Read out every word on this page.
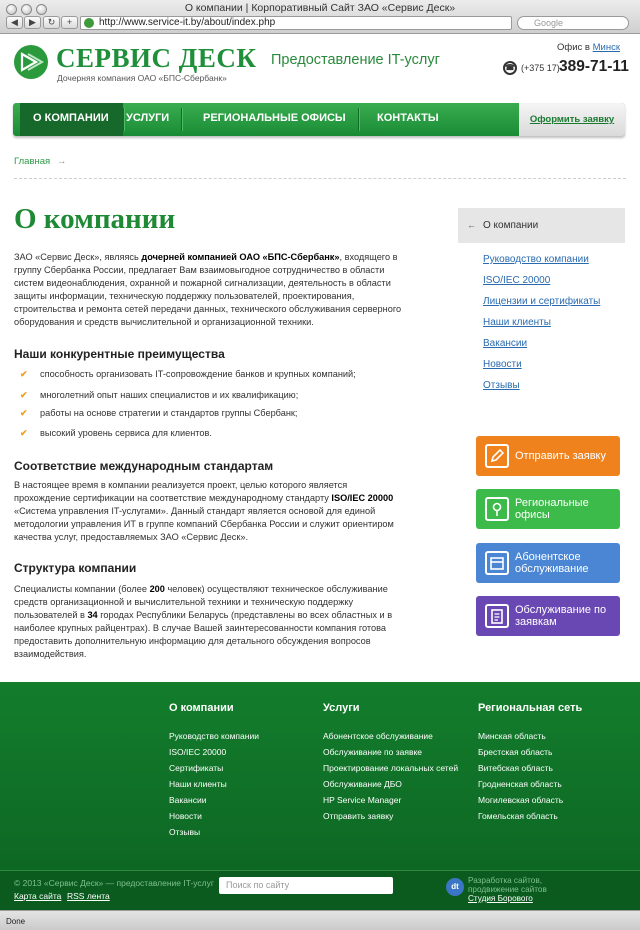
О компании | Корпоративный Сайт ЗАО «Сервис Деск»
◀	▶	↻	+	http://www.service-it.by/about/index.php	Google
СЕРВИС ДЕСК
Дочерняя компания ОАО «БПС-Сбербанк»
Предоставление IT-услуг
Офис в Минск
☎ (+375 17) 389-71-11
О КОМПАНИИ УСЛУГИ	РЕГИОНАЛЬНЫЕ ОФИСЫ	КОНТАКТЫ	Оформить заявку
Главная →
О компании

ЗАО «Сервис Деск», являясь дочерней компанией ОАО «БПС-Сбербанк», входящего в группу Сбербанка России, предлагает Вам взаимовыгодное сотрудничество в области систем видеонаблюдения, охранной и пожарной сигнализации, деятельность в области защиты информации, техническую поддержку пользователей, проектирования, строительства и ремонта сетей передачи данных, технического обслуживания серверного оборудования и средств вычислительной и организационной техники.

Наши конкурентные преимущества
✔ способность организовать IT-сопровождение банков и крупных компаний;
✔ многолетний опыт наших специалистов и их квалификацию;
✔ работы на основе стратегии и стандартов группы Сбербанк;
✔ высокий уровень сервиса для клиентов.
Соответствие международным стандартам

В настоящее время в компании реализуется проект, целью которого является прохождение сертификации на соответствие международному стандарту ISO/IEC 20000 «Система управления IT-услугами». Данный стандарт является основой для единой методологии управления ИТ в группе компаний Сбербанка России и служит ориентиром качества услуг, предоставляемых ЗАО «Сервис Деск».

Структура компании

Специалисты компании (более 200 человек) осуществляют техническое обслуживание средств организационной и вычислительной техники и техническую поддержку пользователей в 34 городах Республики Беларусь (представлены во всех областных и в наиболее крупных райцентрах). В случае Вашей заинтересованности компания готова предоставить дополнительную информацию для детального обсуждения вопросов взаимодействия.

← О компании
Руководство компании
ISO/IEC 20000
Лицензии и сертификаты
Наши клиенты
Вакансии
Новости
Отзывы
Отправить заявку
Региональные офисы
Абонентское обслуживание
Обслуживание по заявкам
О компании	Услуги	Региональная сеть
Руководство компании
ISO/IEC 20000
Сертификаты
Наши клиенты
Вакансии
Новости
Отзывы
Абонентское обслуживание
Обслуживание по заявке
Проектирование локальных сетей
Обслуживание ДБО
HP Service Manager
Отправить заявку
Минская область
Брестская область
Витебская область
Гродненская область
Могилевская область
Гомельская область
© 2013 «Сервис Деск» — предоставление IT-услуг
Карта сайта RSS лента
Поиск по сайту	dt
Разработка сайтов,
продвижение сайтов
Студия Борового
Done
